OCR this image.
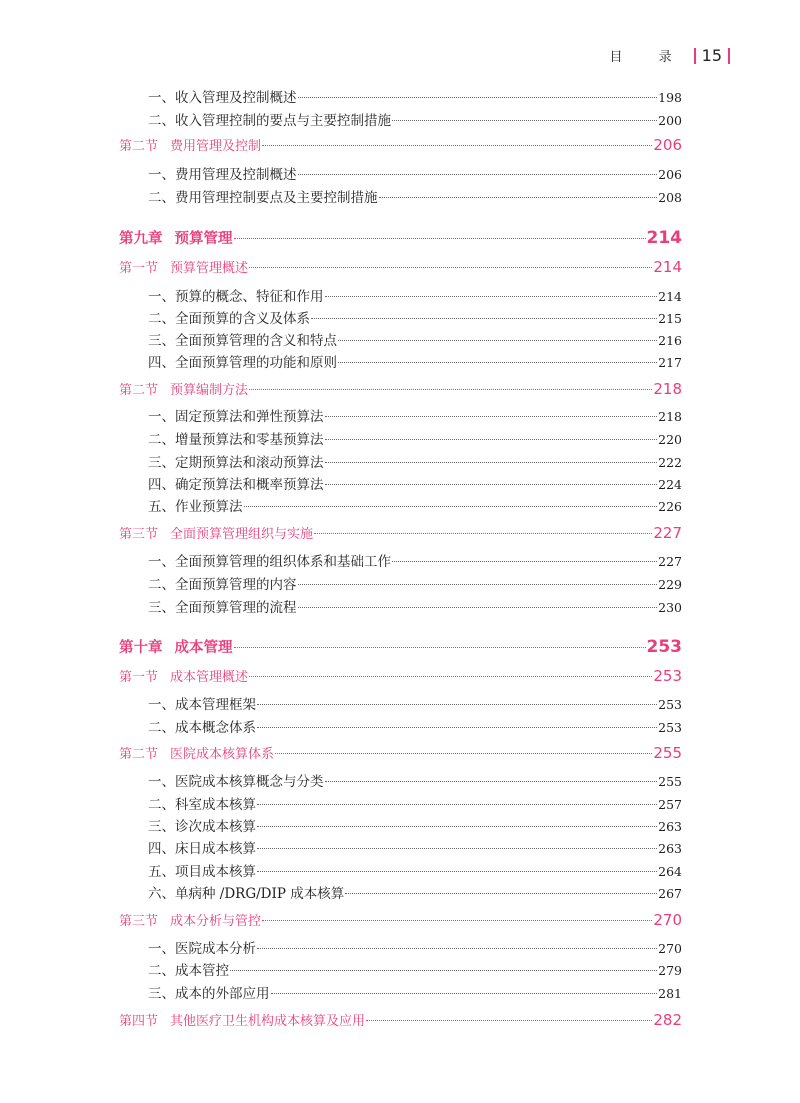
目 录 15
一、收入管理及控制概述	198
二、收入管理控制的要点与主要控制措施	200
第二节 费用管理及控制	206
一、费用管理及控制概述	206
二、费用管理控制要点及主要控制措施	208
第九章 预算管理	214
第一节 预算管理概述	214
一、预算的概念、特征和作用	214
二、全面预算的含义及体系	215
三、全面预算管理的含义和特点	216
四、全面预算管理的功能和原则	217
第二节 预算编制方法	218
一、固定预算法和弹性预算法	218
二、增量预算法和零基预算法	220
三、定期预算法和滚动预算法	222
四、确定预算法和概率预算法	224
五、作业预算法	226
第三节 全面预算管理组织与实施	227
一、全面预算管理的组织体系和基础工作	227
二、全面预算管理的内容	229
三、全面预算管理的流程	230
第十章 成本管理	253
第一节 成本管理概述	253
一、成本管理框架	253
二、成本概念体系	253
第二节 医院成本核算体系	255
一、医院成本核算概念与分类	255
二、科室成本核算	257
三、诊次成本核算	263
四、床日成本核算	263
五、项目成本核算	264
六、单病种 /DRG/DIP 成本核算	267
第三节 成本分析与管控	270
一、医院成本分析	270
二、成本管控	279
三、成本的外部应用	281
第四节 其他医疗卫生机构成本核算及应用	282
